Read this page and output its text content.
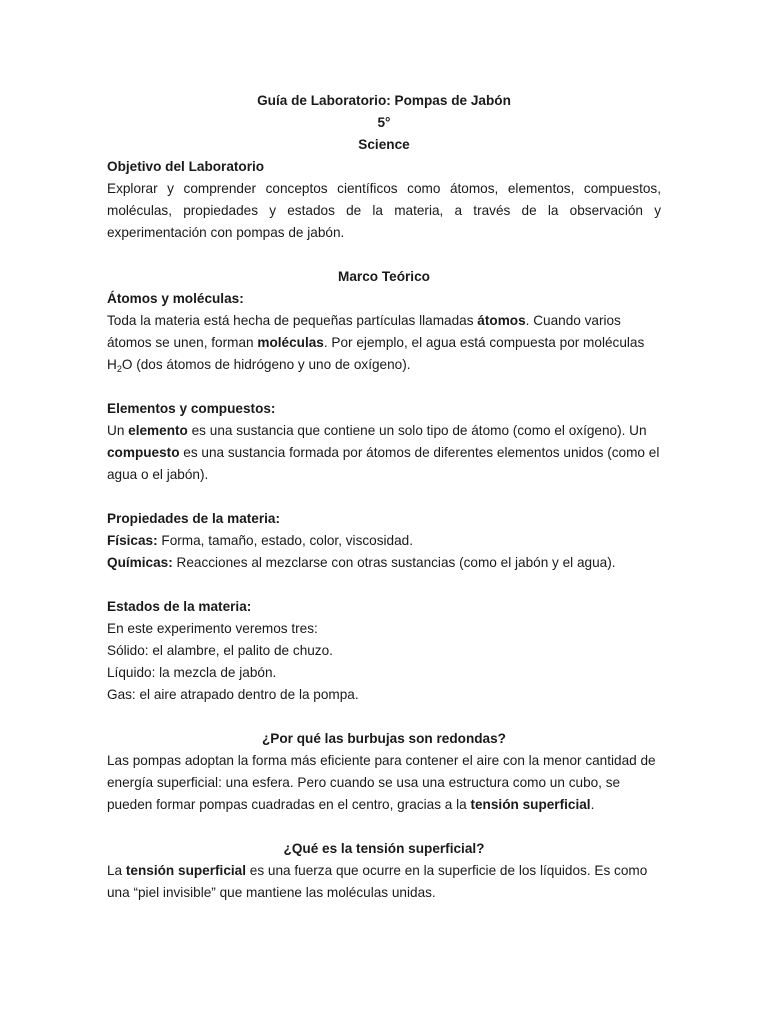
Guía de Laboratorio: Pompas de Jabón

5°

Science

Objetivo del Laboratorio

Explorar y comprender conceptos científicos como átomos, elementos, compuestos, moléculas, propiedades y estados de la materia, a través de la observación y experimentación con pompas de jabón.

Marco Teórico

Átomos y moléculas:

Toda la materia está hecha de pequeñas partículas llamadas átomos. Cuando varios átomos se unen, forman moléculas. Por ejemplo, el agua está compuesta por moléculas $H_2O$ (dos átomos de hidrógeno y uno de oxígeno).

Elementos y compuestos:

Un elemento es una sustancia que contiene un solo tipo de átomo (como el oxígeno). Un compuesto es una sustancia formada por átomos de diferentes elementos unidos (como el agua o el jabón).

Propiedades de la materia:

Físicas: Forma, tamaño, estado, color, viscosidad.

Químicas: Reacciones al mezclarse con otras sustancias (como el jabón y el agua).

Estados de la materia:

En este experimento veremos tres:

Sólido: el alambre, el palito de chuzo.

Líquido: la mezcla de jabón.

Gas: el aire atrapado dentro de la pompa.

¿Por qué las burbujas son redondas?

Las pompas adoptan la forma más eficiente para contener el aire con la menor cantidad de energía superficial: una esfera. Pero cuando se usa una estructura como un cubo, se pueden formar pompas cuadradas en el centro, gracias a la tensión superficial.

¿Qué es la tensión superficial?

La tensión superficial es una fuerza que ocurre en la superficie de los líquidos. Es como una “piel invisible” que mantiene las moléculas unidas.
